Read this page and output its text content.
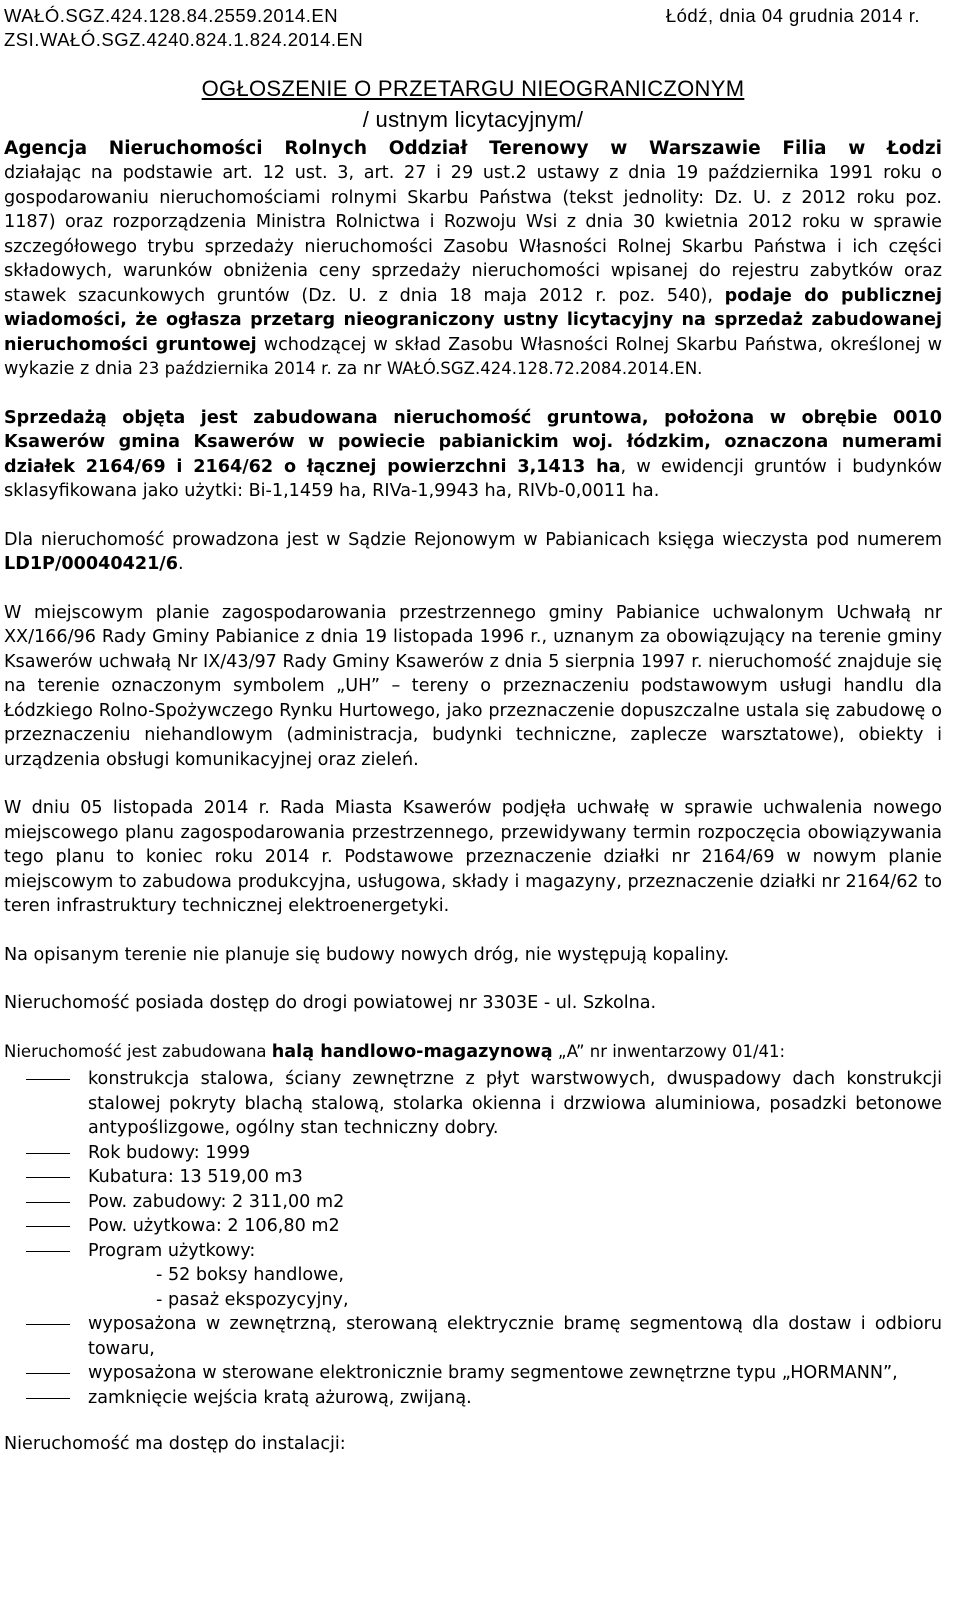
WAŁÓ.SGZ.424.128.84.2559.2014.EN
ZSI.WAŁÓ.SGZ.4240.824.1.824.2014.EN
Łódź, dnia 04 grudnia 2014 r.
OGŁOSZENIE O PRZETARGU NIEOGRANICZONYM
/ ustnym licytacyjnym/
Agencja Nieruchomości Rolnych Oddział Terenowy w Warszawie Filia w Łodzi

działając na podstawie art. 12 ust. 3, art. 27 i 29 ust.2 ustawy z dnia 19 października 1991 roku o gospodarowaniu nieruchomościami rolnymi Skarbu Państwa (tekst jednolity: Dz. U. z 2012 roku poz. 1187) oraz rozporządzenia Ministra Rolnictwa i Rozwoju Wsi z dnia 30 kwietnia 2012 roku w sprawie szczegółowego trybu sprzedaży nieruchomości Zasobu Własności Rolnej Skarbu Państwa i ich części składowych, warunków obniżenia ceny sprzedaży nieruchomości wpisanej do rejestru zabytków oraz stawek szacunkowych gruntów (Dz. U. z dnia 18 maja 2012 r. poz. 540), podaje do publicznej wiadomości, że ogłasza przetarg nieograniczony ustny licytacyjny na sprzedaż zabudowanej nieruchomości gruntowej wchodzącej w skład Zasobu Własności Rolnej Skarbu Państwa, określonej w wykazie z dnia 23 października 2014 r. za nr WAŁÓ.SGZ.424.128.72.2084.2014.EN.

Sprzedażą objęta jest zabudowana nieruchomość gruntowa, położona w obrębie 0010 Ksawerów gmina Ksawerów w powiecie pabianickim woj. łódzkim, oznaczona numerami działek 2164/69 i 2164/62 o łącznej powierzchni 3,1413 ha, w ewidencji gruntów i budynków sklasyfikowana jako użytki: Bi-1,1459 ha, RIVa-1,9943 ha, RIVb-0,0011 ha.

Dla nieruchomość prowadzona jest w Sądzie Rejonowym w Pabianicach księga wieczysta pod numerem LD1P/00040421/6.

W miejscowym planie zagospodarowania przestrzennego gminy Pabianice uchwalonym Uchwałą nr XX/166/96 Rady Gminy Pabianice z dnia 19 listopada 1996 r., uznanym za obowiązujący na terenie gminy Ksawerów uchwałą Nr IX/43/97 Rady Gminy Ksawerów z dnia 5 sierpnia 1997 r. nieruchomość znajduje się na terenie oznaczonym symbolem „UH” – tereny o przeznaczeniu podstawowym usługi handlu dla Łódzkiego Rolno-Spożywczego Rynku Hurtowego, jako przeznaczenie dopuszczalne ustala się zabudowę o przeznaczeniu niehandlowym (administracja, budynki techniczne, zaplecze warsztatowe), obiekty i urządzenia obsługi komunikacyjnej oraz zieleń.

W dniu 05 listopada 2014 r. Rada Miasta Ksawerów podjęła uchwałę w sprawie uchwalenia nowego miejscowego planu zagospodarowania przestrzennego, przewidywany termin rozpoczęcia obowiązywania tego planu to koniec roku 2014 r. Podstawowe przeznaczenie działki nr 2164/69 w nowym planie miejscowym to zabudowa produkcyjna, usługowa, składy i magazyny, przeznaczenie działki nr 2164/62 to teren infrastruktury technicznej elektroenergetyki.

Na opisanym terenie nie planuje się budowy nowych dróg, nie występują kopaliny.

Nieruchomość posiada dostęp do drogi powiatowej nr 3303E - ul. Szkolna.

Nieruchomość jest zabudowana halą handlowo-magazynową „A” nr inwentarzowy 01/41:

konstrukcja stalowa, ściany zewnętrzne z płyt warstwowych, dwuspadowy dach konstrukcji stalowej pokryty blachą stalową, stolarka okienna i drzwiowa aluminiowa, posadzki betonowe antypoślizgowe, ogólny stan techniczny dobry.
Rok budowy: 1999
Kubatura: 13 519,00 m3
Pow. zabudowy: 2 311,00 m2
Pow. użytkowa: 2 106,80 m2
Program użytkowy:
- 52 boksy handlowe,
- pasaż ekspozycyjny,
wyposażona w zewnętrzną, sterowaną elektrycznie bramę segmentową dla dostaw i odbioru towaru,
wyposażona w sterowane elektronicznie bramy segmentowe zewnętrzne typu „HORMANN”,
zamknięcie wejścia kratą ażurową, zwijaną.

Nieruchomość ma dostęp do instalacji:
